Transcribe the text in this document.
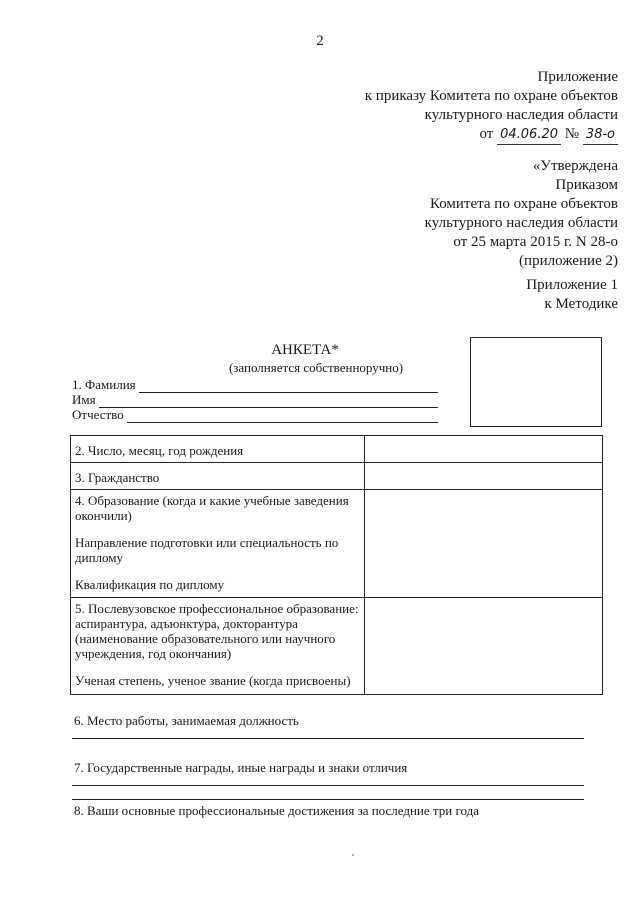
2
Приложение
к приказу Комитета по охране объектов
культурного наследия области
от 04.06.20 № 38-о
«Утверждена
Приказом
Комитета по охране объектов
культурного наследия области
от 25 марта 2015 г. N 28-о
(приложение 2)
Приложение 1
к Методике
АНКЕТА*
(заполняется собственноручно)
1. Фамилия
Имя
Отчество
2. Число, месяц, год рождения	

3. Гражданство	

4. Образование (когда и какие учебные заведения окончили)
Направление подготовки или специальность по диплому
Квалификация по диплому	

5. Послевузовское профессиональное образование: аспирантура, адъюнктура, докторантура (наименование образовательного или научного учреждения, год окончания)
Ученая степень, ученое звание (когда присвоены)	

6. Место работы, занимаемая должность
7. Государственные награды, иные награды и знаки отличия
8. Ваши основные профессиональные достижения за последние три года
